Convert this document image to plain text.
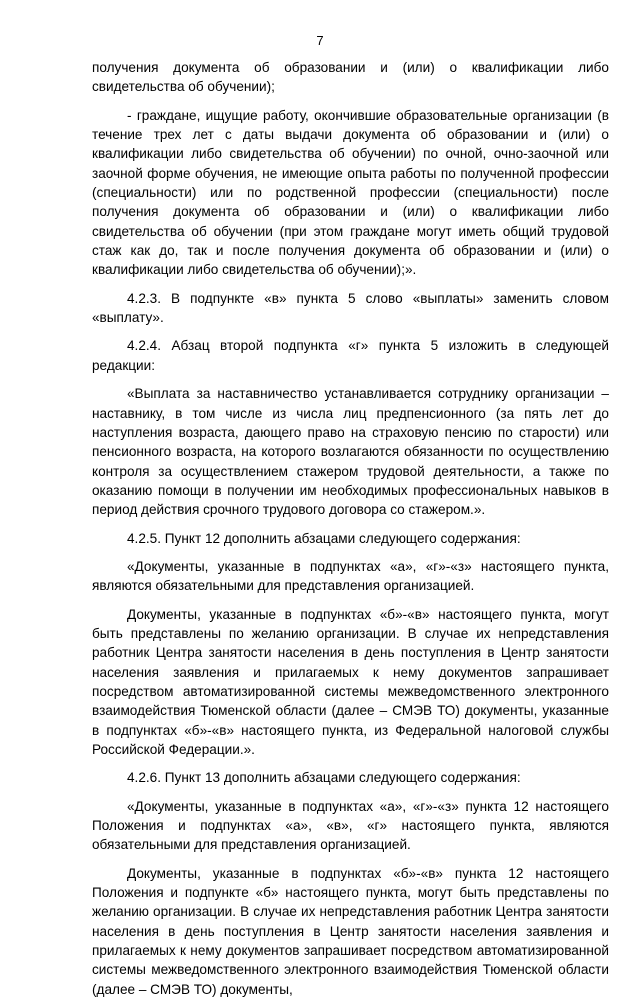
7

получения документа об образовании и (или) о квалификации либо свидетельства об обучении);

- граждане, ищущие работу, окончившие образовательные организации (в течение трех лет с даты выдачи документа об образовании и (или) о квалификации либо свидетельства об обучении) по очной, очно-заочной или заочной форме обучения, не имеющие опыта работы по полученной профессии (специальности) или по родственной профессии (специальности) после получения документа об образовании и (или) о квалификации либо свидетельства об обучении (при этом граждане могут иметь общий трудовой стаж как до, так и после получения документа об образовании и (или) о квалификации либо свидетельства об обучении);».

4.2.3. В подпункте «в» пункта 5 слово «выплаты» заменить словом «выплату».

4.2.4. Абзац второй подпункта «г» пункта 5 изложить в следующей редакции:

«Выплата за наставничество устанавливается сотруднику организации – наставнику, в том числе из числа лиц предпенсионного (за пять лет до наступления возраста, дающего право на страховую пенсию по старости) или пенсионного возраста, на которого возлагаются обязанности по осуществлению контроля за осуществлением стажером трудовой деятельности, а также по оказанию помощи в получении им необходимых профессиональных навыков в период действия срочного трудового договора со стажером.».

4.2.5. Пункт 12 дополнить абзацами следующего содержания:

«Документы, указанные в подпунктах «а», «г»-«з» настоящего пункта, являются обязательными для представления организацией.

Документы, указанные в подпунктах «б»-«в» настоящего пункта, могут быть представлены по желанию организации. В случае их непредставления работник Центра занятости населения в день поступления в Центр занятости населения заявления и прилагаемых к нему документов запрашивает посредством автоматизированной системы межведомственного электронного взаимодействия Тюменской области (далее – СМЭВ ТО) документы, указанные в подпунктах «б»-«в» настоящего пункта, из Федеральной налоговой службы Российской Федерации.».

4.2.6. Пункт 13 дополнить абзацами следующего содержания:

«Документы, указанные в подпунктах «а», «г»-«з» пункта 12 настоящего Положения и подпунктах «а», «в», «г» настоящего пункта, являются обязательными для представления организацией.

Документы, указанные в подпунктах «б»-«в» пункта 12 настоящего Положения и подпункте «б» настоящего пункта, могут быть представлены по желанию организации. В случае их непредставления работник Центра занятости населения в день поступления в Центр занятости населения заявления и прилагаемых к нему документов запрашивает посредством автоматизированной системы межведомственного электронного взаимодействия Тюменской области (далее – СМЭВ ТО) документы,
